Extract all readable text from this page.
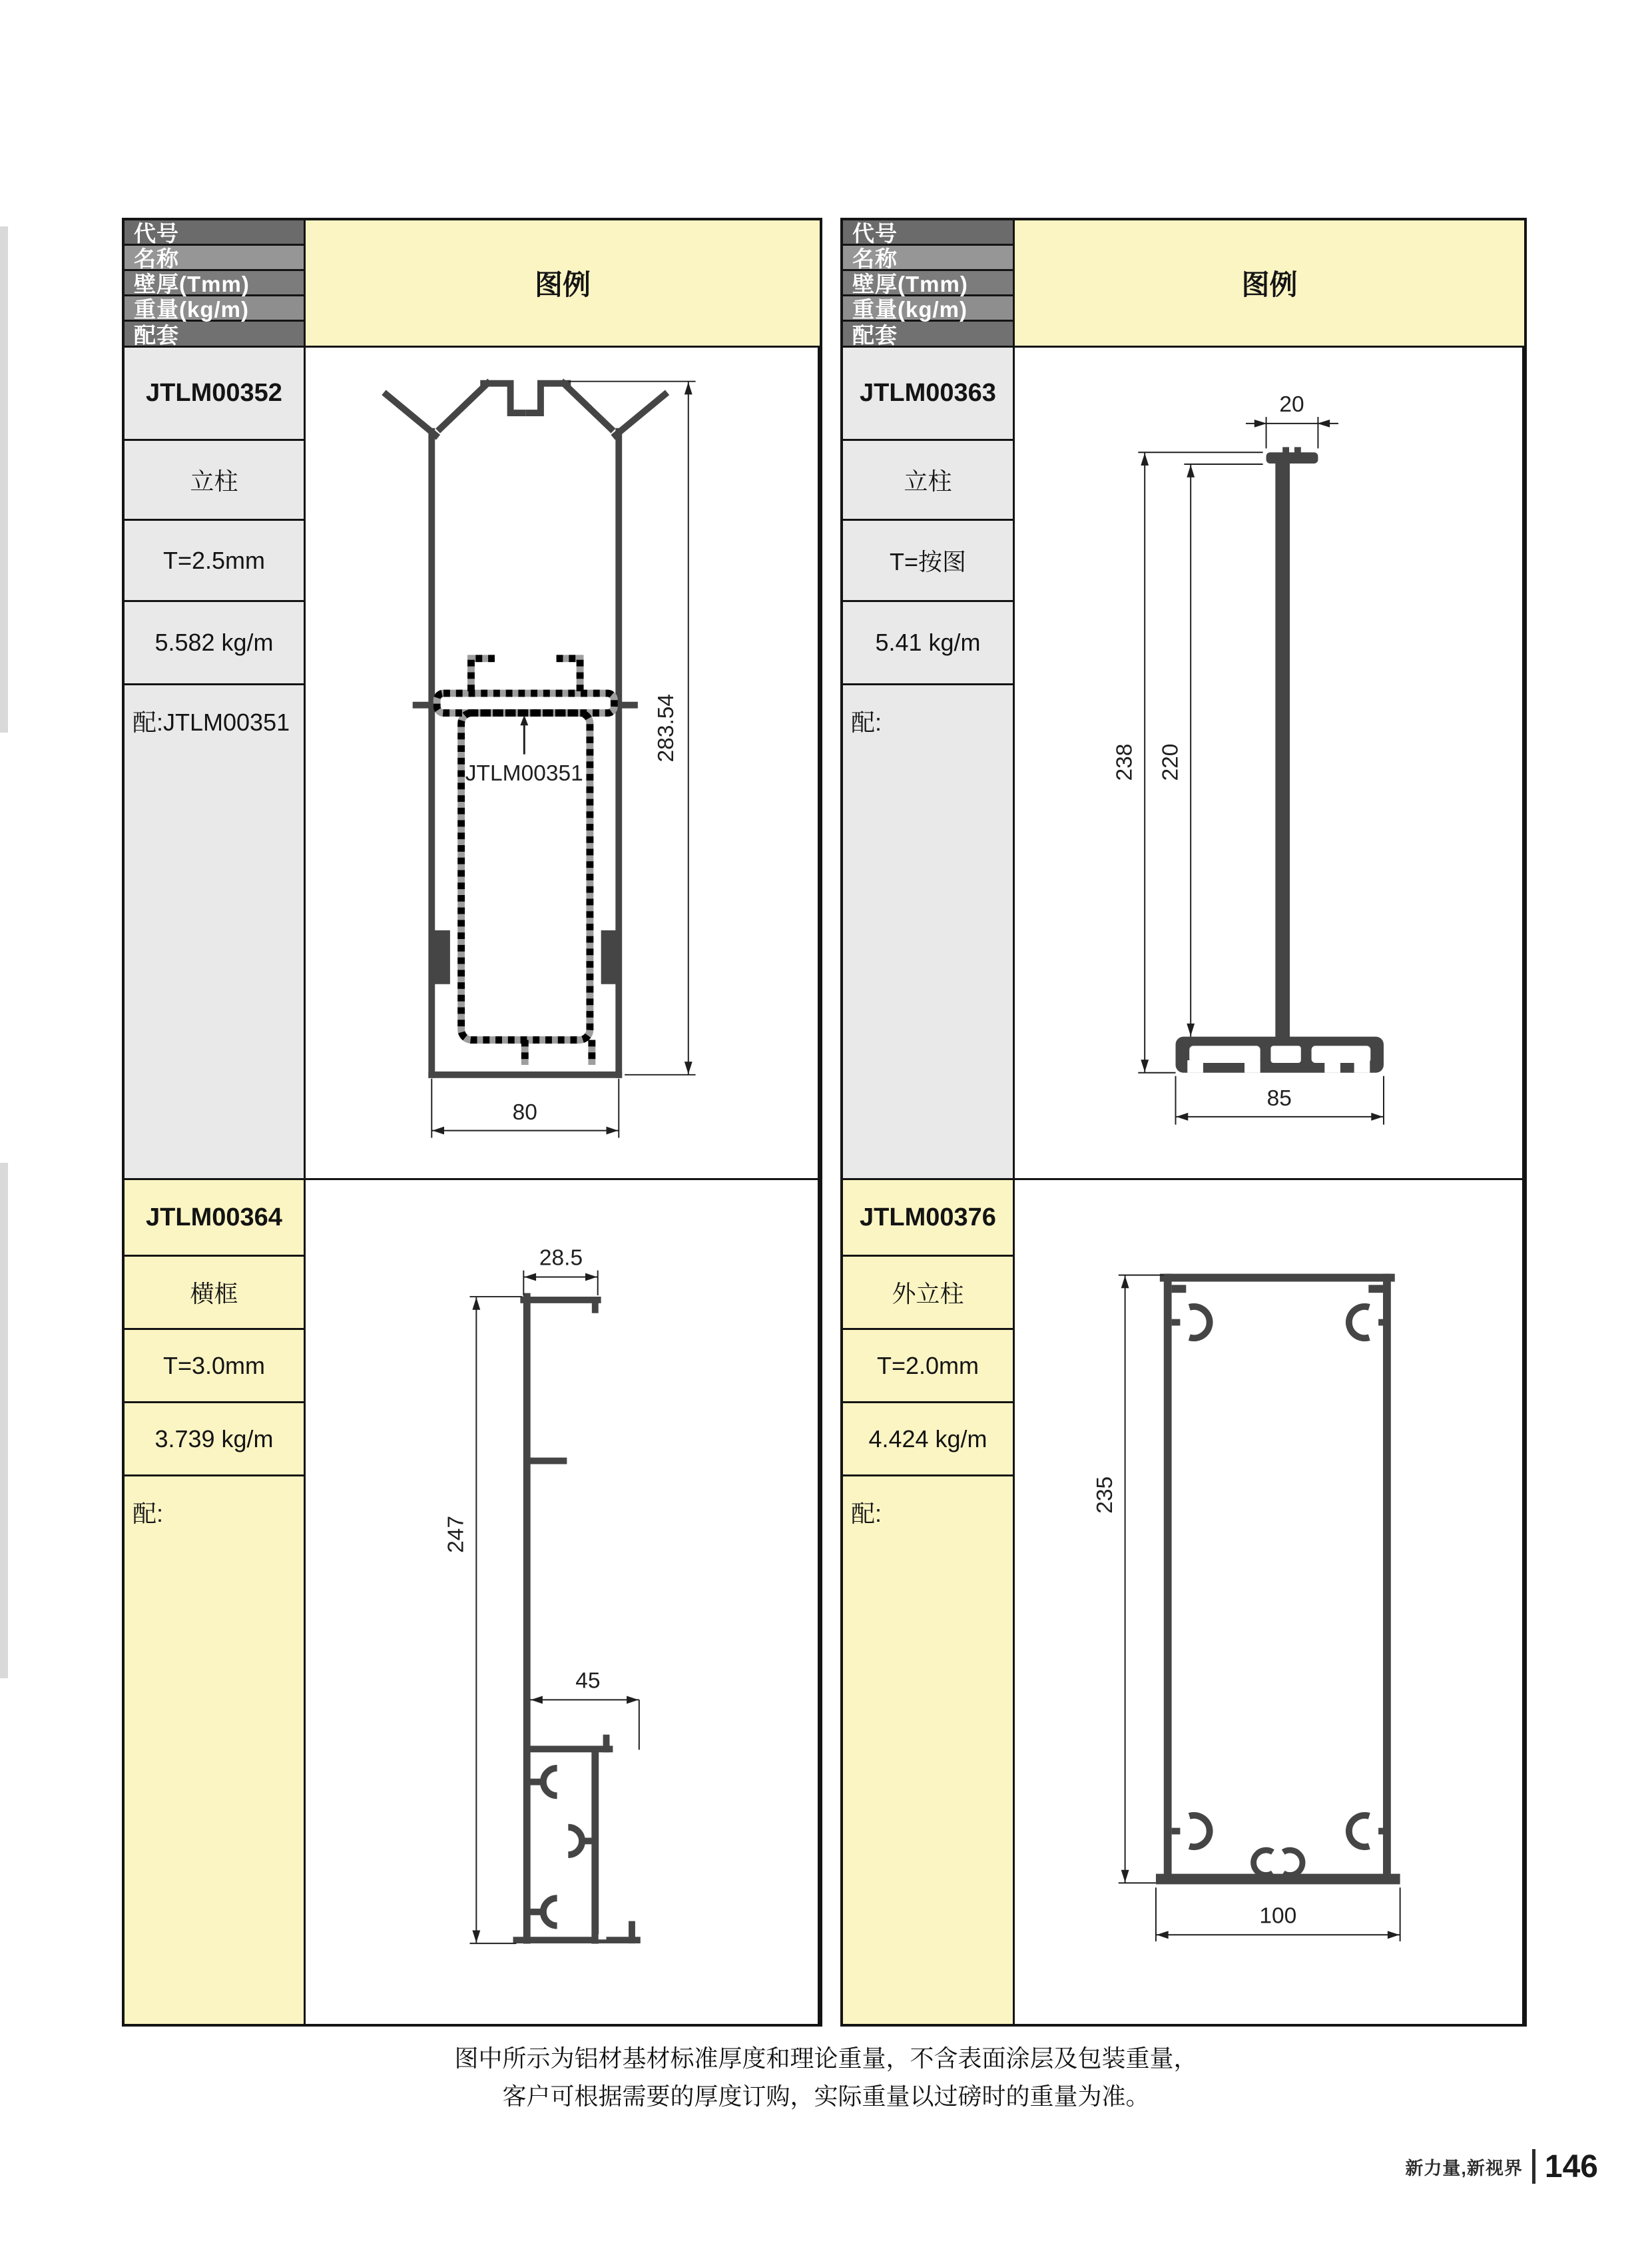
代号
图例
名称
壁厚(Tmm)
重量(kg/m)
配套
JTLM00352
立柱
T=2.5mm
5.582 kg/m
配:JTLM00351
JTLM00351
283.54
80
JTLM00364
横框
T=3.0mm
3.739 kg/m
配:
28.5
247
45
代号
图例
名称
壁厚(Tmm)
重量(kg/m)
配套
JTLM00363
立柱
T=按图
5.41 kg/m
配:
20
238 220
85
JTLM00376
外立柱
T=2.0mm
4.424 kg/m
配:	235
100
图中所示为铝材基材标准厚度和理论重量，不含表面涂层及包装重量，
客户可根据需要的厚度订购，实际重量以过磅时的重量为准。
新力量,新视界 146
